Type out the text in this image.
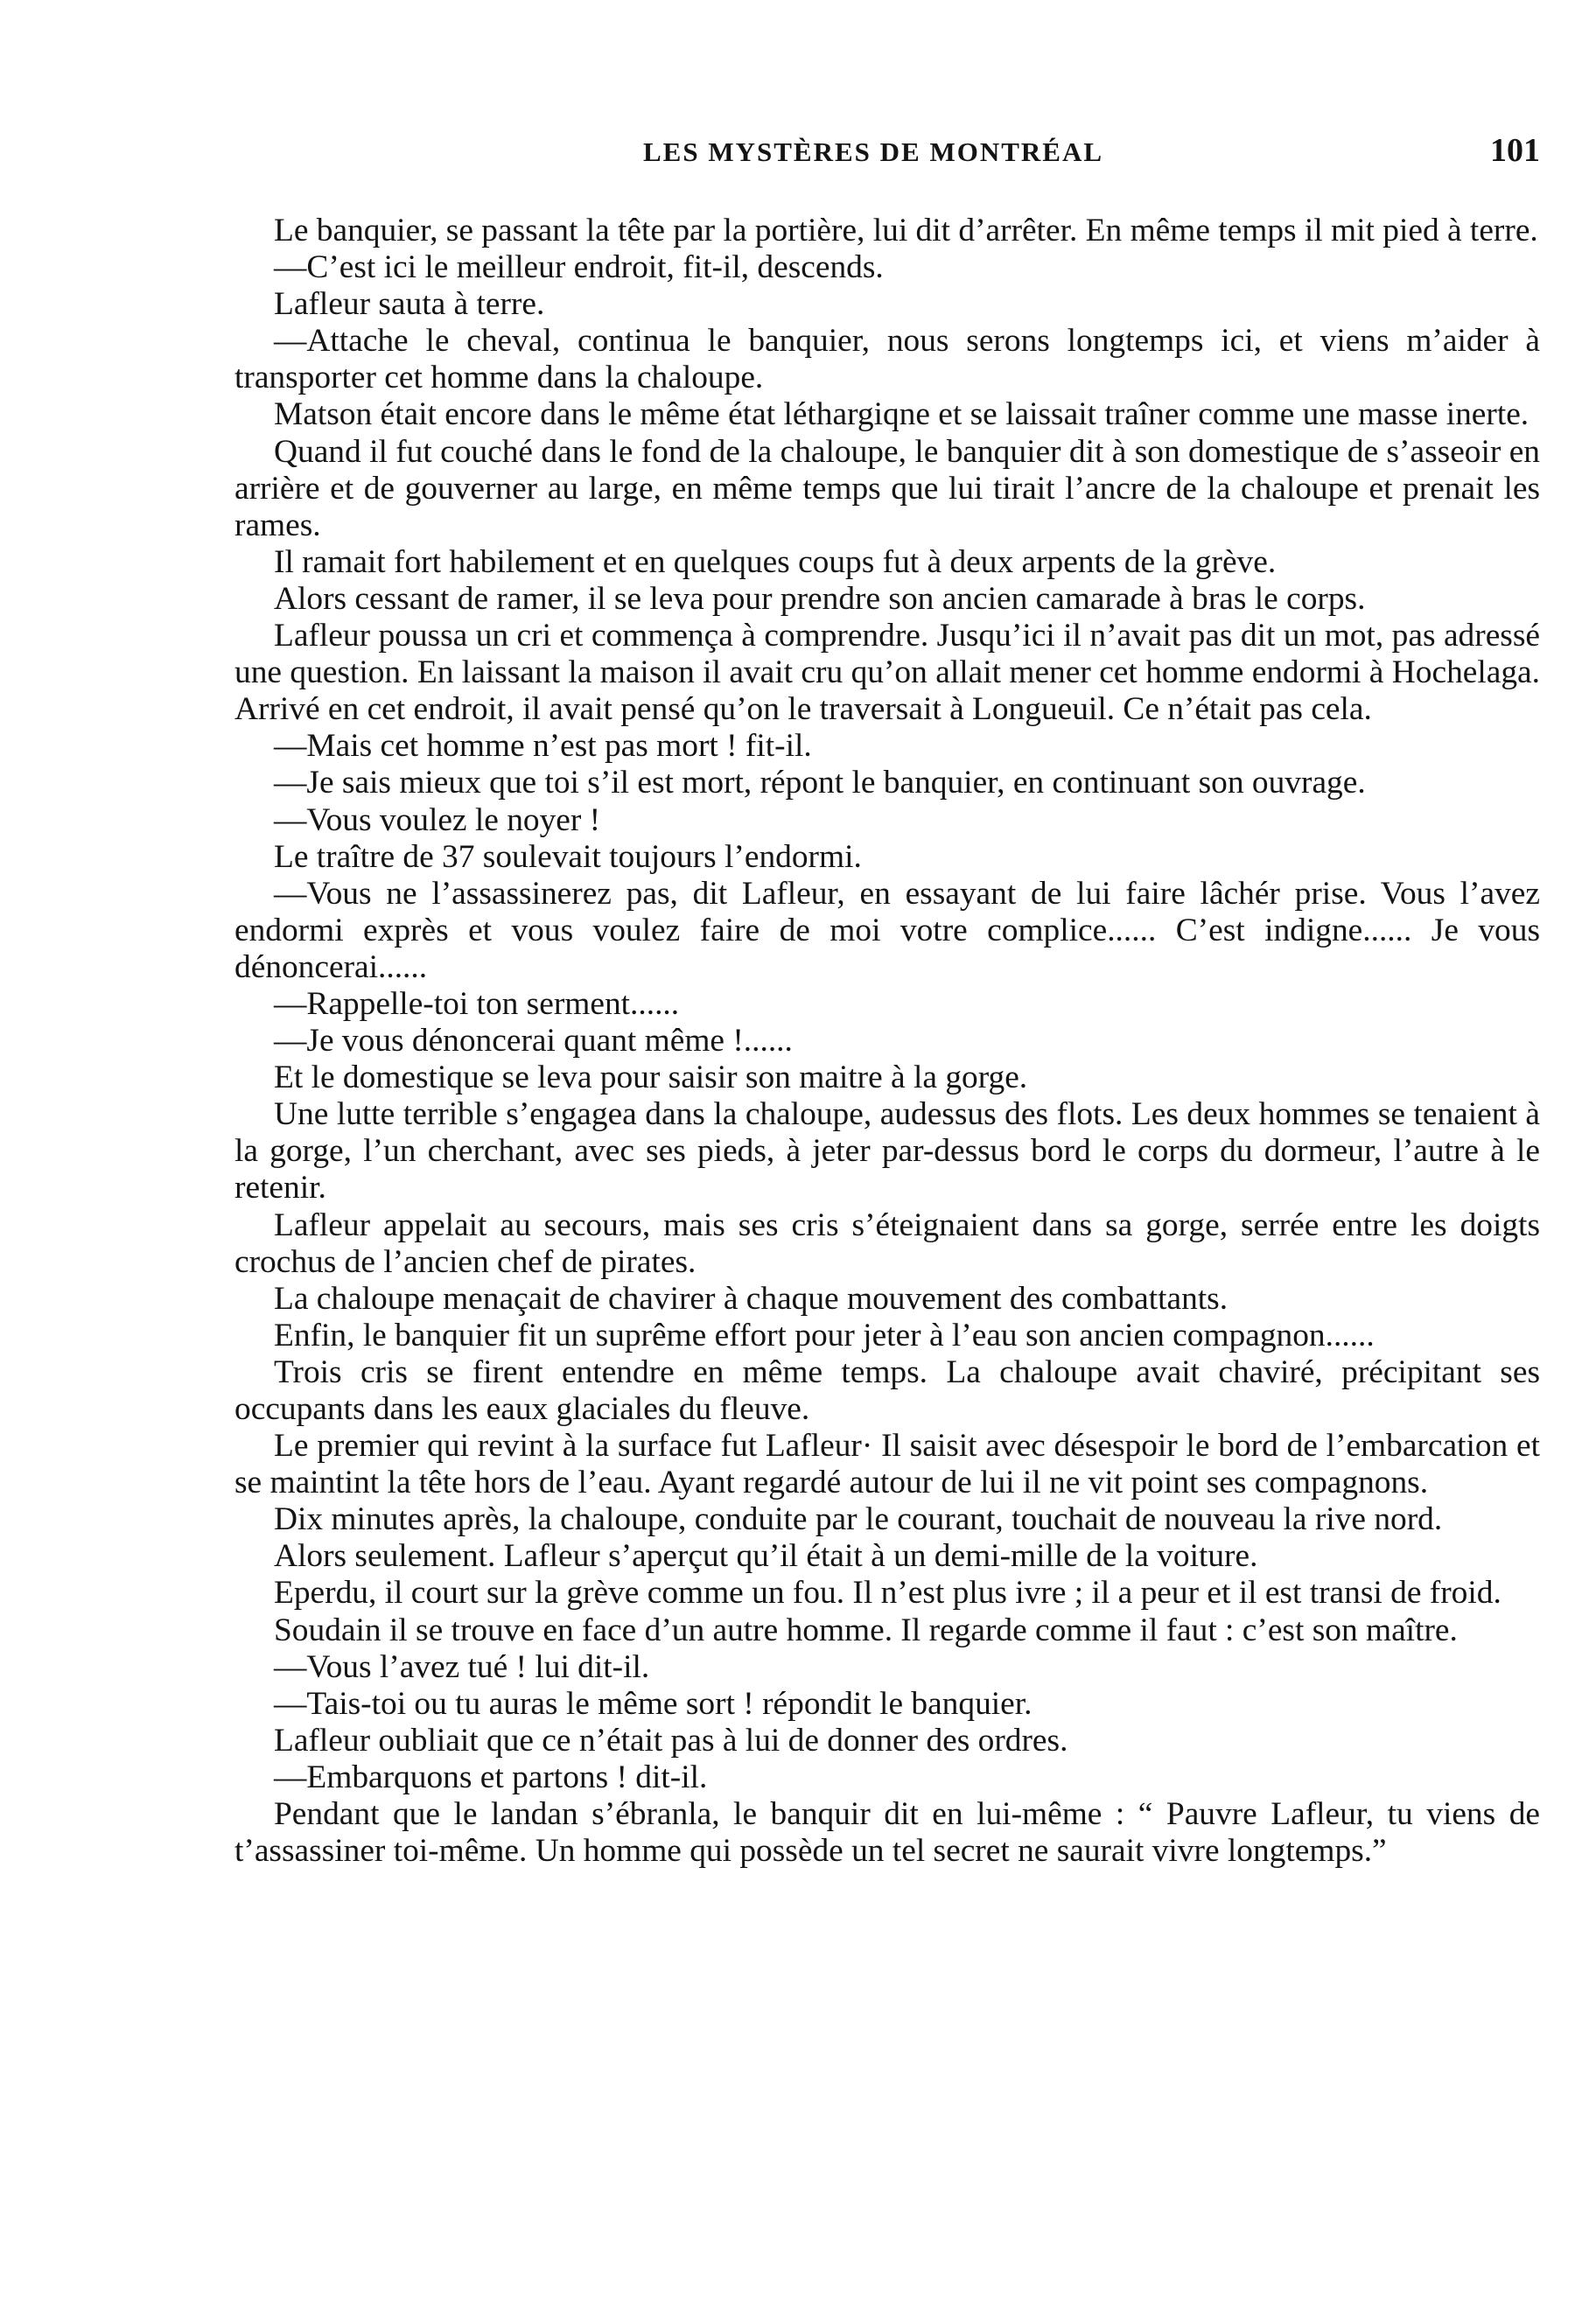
LES MYSTÈRES DE MONTRÉAL	101

Le banquier, se passant la tête par la portière, lui dit d’arrêter. En même temps il mit pied à terre.

—C’est ici le meilleur endroit, fit-il, descends.

Lafleur sauta à terre.

—Attache le cheval, continua le banquier, nous serons longtemps ici, et viens m’aider à transporter cet homme dans la chaloupe.

Matson était encore dans le même état léthargiqne et se laissait traîner comme une masse inerte.

Quand il fut couché dans le fond de la chaloupe, le banquier dit à son domestique de s’asseoir en arrière et de gouverner au large, en même temps que lui tirait l’ancre de la chaloupe et prenait les rames.

Il ramait fort habilement et en quelques coups fut à deux arpents de la grève.

Alors cessant de ramer, il se leva pour prendre son ancien camarade à bras le corps.

Lafleur poussa un cri et commença à comprendre. Jusqu’ici il n’avait pas dit un mot, pas adressé une question. En laissant la maison il avait cru qu’on allait mener cet homme endormi à Hochelaga. Arrivé en cet endroit, il avait pensé qu’on le traversait à Longueuil. Ce n’était pas cela.

—Mais cet homme n’est pas mort ! fit-il.

—Je sais mieux que toi s’il est mort, répont le banquier, en continuant son ouvrage.

—Vous voulez le noyer !

Le traître de 37 soulevait toujours l’endormi.

—Vous ne l’assassinerez pas, dit Lafleur, en essayant de lui faire lâchér prise. Vous l’avez endormi exprès et vous voulez faire de moi votre complice...... C’est indigne...... Je vous dénoncerai......

—Rappelle-toi ton serment......

—Je vous dénoncerai quant même !......

Et le domestique se leva pour saisir son maitre à la gorge.

Une lutte terrible s’engagea dans la chaloupe, audessus des flots. Les deux hommes se tenaient à la gorge, l’un cherchant, avec ses pieds, à jeter par-dessus bord le corps du dormeur, l’autre à le retenir.

Lafleur appelait au secours, mais ses cris s’éteignaient dans sa gorge, serrée entre les doigts crochus de l’ancien chef de pirates.

La chaloupe menaçait de chavirer à chaque mouvement des combattants.

Enfin, le banquier fit un suprême effort pour jeter à l’eau son ancien compagnon......

Trois cris se firent entendre en même temps. La chaloupe avait chaviré, précipitant ses occupants dans les eaux glaciales du fleuve.

Le premier qui revint à la surface fut Lafleur· Il saisit avec désespoir le bord de l’embarcation et se maintint la tête hors de l’eau. Ayant regardé autour de lui il ne vit point ses compagnons.

Dix minutes après, la chaloupe, conduite par le courant, touchait de nouveau la rive nord.

Alors seulement. Lafleur s’aperçut qu’il était à un demi-mille de la voiture.

Eperdu, il court sur la grève comme un fou. Il n’est plus ivre ; il a peur et il est transi de froid.

Soudain il se trouve en face d’un autre homme. Il regarde comme il faut : c’est son maître.

—Vous l’avez tué ! lui dit-il.

—Tais-toi ou tu auras le même sort ! répondit le banquier.

Lafleur oubliait que ce n’était pas à lui de donner des ordres.

—Embarquons et partons ! dit-il.

Pendant que le landan s’ébranla, le banquir dit en lui-même : “ Pauvre Lafleur, tu viens de t’assassiner toi-même. Un homme qui possède un tel secret ne saurait vivre longtemps.”
